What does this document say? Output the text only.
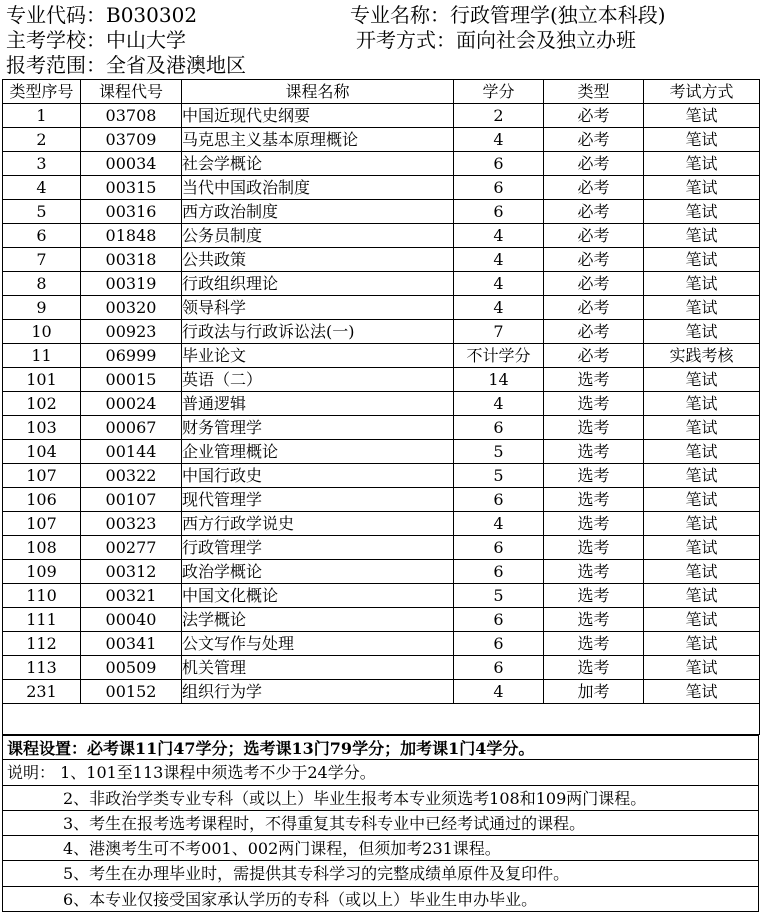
专业代码：B030302	专业名称：行政管理学(独立本科段)
主考学校：中山大学	开考方式：面向社会及独立办班
报考范围：全省及港澳地区
类型序号	课程代号	课程名称	学分	类型	考试方式
1	03708	中国近现代史纲要	2	必考	笔试
2	03709	马克思主义基本原理概论	4	必考	笔试
3	00034	社会学概论	6	必考	笔试
4	00315	当代中国政治制度	6	必考	笔试
5	00316	西方政治制度	6	必考	笔试
6	01848	公务员制度	4	必考	笔试
7	00318	公共政策	4	必考	笔试
8	00319	行政组织理论	4	必考	笔试
9	00320	领导科学	4	必考	笔试
10	00923	行政法与行政诉讼法(一)	7	必考	笔试
11	06999	毕业论文	不计学分	必考	实践考核
101	00015	英语（二）	14	选考	笔试
102	00024	普通逻辑	4	选考	笔试
103	00067	财务管理学	6	选考	笔试
104	00144	企业管理概论	5	选考	笔试
107	00322	中国行政史	5	选考	笔试
106	00107	现代管理学	6	选考	笔试
107	00323	西方行政学说史	4	选考	笔试
108	00277	行政管理学	6	选考	笔试
109	00312	政治学概论	6	选考	笔试
110	00321	中国文化概论	5	选考	笔试
111	00040	法学概论	6	选考	笔试
112	00341	公文写作与处理	6	选考	笔试
113	00509	机关管理	6	选考	笔试
231	00152	组织行为学	4	加考	笔试

课程设置：必考课11门47学分；选考课13门79学分；加考课1门4学分。
说明： 1、101至113课程中须选考不少于24学分。
2、非政治学类专业专科（或以上）毕业生报考本专业须选考108和109两门课程。
3、考生在报考选考课程时，不得重复其专科专业中已经考试通过的课程。
4、港澳考生可不考001、002两门课程，但须加考231课程。
5、考生在办理毕业时，需提供其专科学习的完整成绩单原件及复印件。
6、本专业仅接受国家承认学历的专科（或以上）毕业生申办毕业。
